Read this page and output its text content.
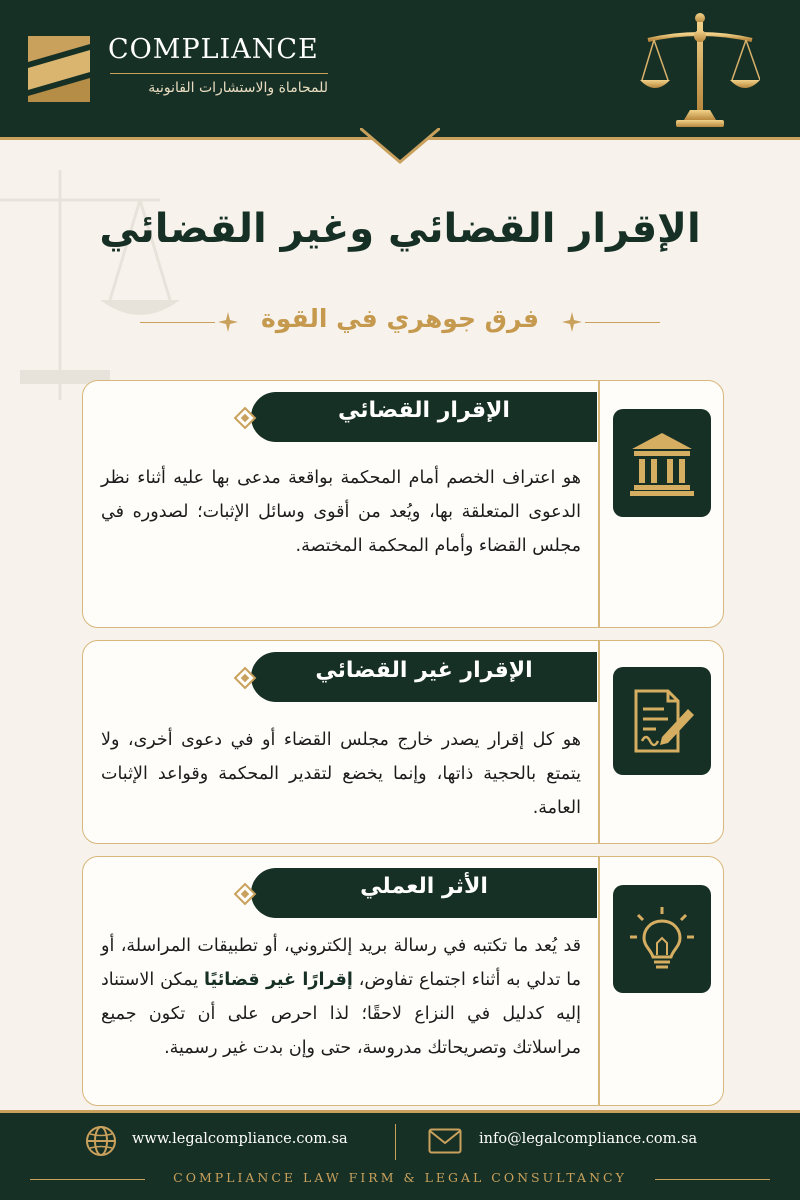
COMPLIANCE
للمحاماة والاستشارات القانونية
الإقرار القضائي وغير القضائي
فرق جوهري في القوة
الإقرار القضائي
هو اعتراف الخصم أمام المحكمة بواقعة مدعى بها عليه أثناء نظر الدعوى المتعلقة بها، ويُعد من أقوى وسائل الإثبات؛ لصدوره في مجلس القضاء وأمام المحكمة المختصة.
الإقرار غير القضائي
هو كل إقرار يصدر خارج مجلس القضاء أو في دعوى أخرى، ولا يتمتع بالحجية ذاتها، وإنما يخضع لتقدير المحكمة وقواعد الإثبات العامة.
الأثر العملي
قد يُعد ما تكتبه في رسالة بريد إلكتروني، أو تطبيقات المراسلة، أو ما تدلي به أثناء اجتماع تفاوض، إقرارًا غير قضائيًا يمكن الاستناد إليه كدليل في النزاع لاحقًا؛ لذا احرص على أن تكون جميع مراسلاتك وتصريحاتك مدروسة، حتى وإن بدت غير رسمية.
www.legalcompliance.com.sa	info@legalcompliance.com.sa
COMPLIANCE LAW FIRM & LEGAL CONSULTANCY
